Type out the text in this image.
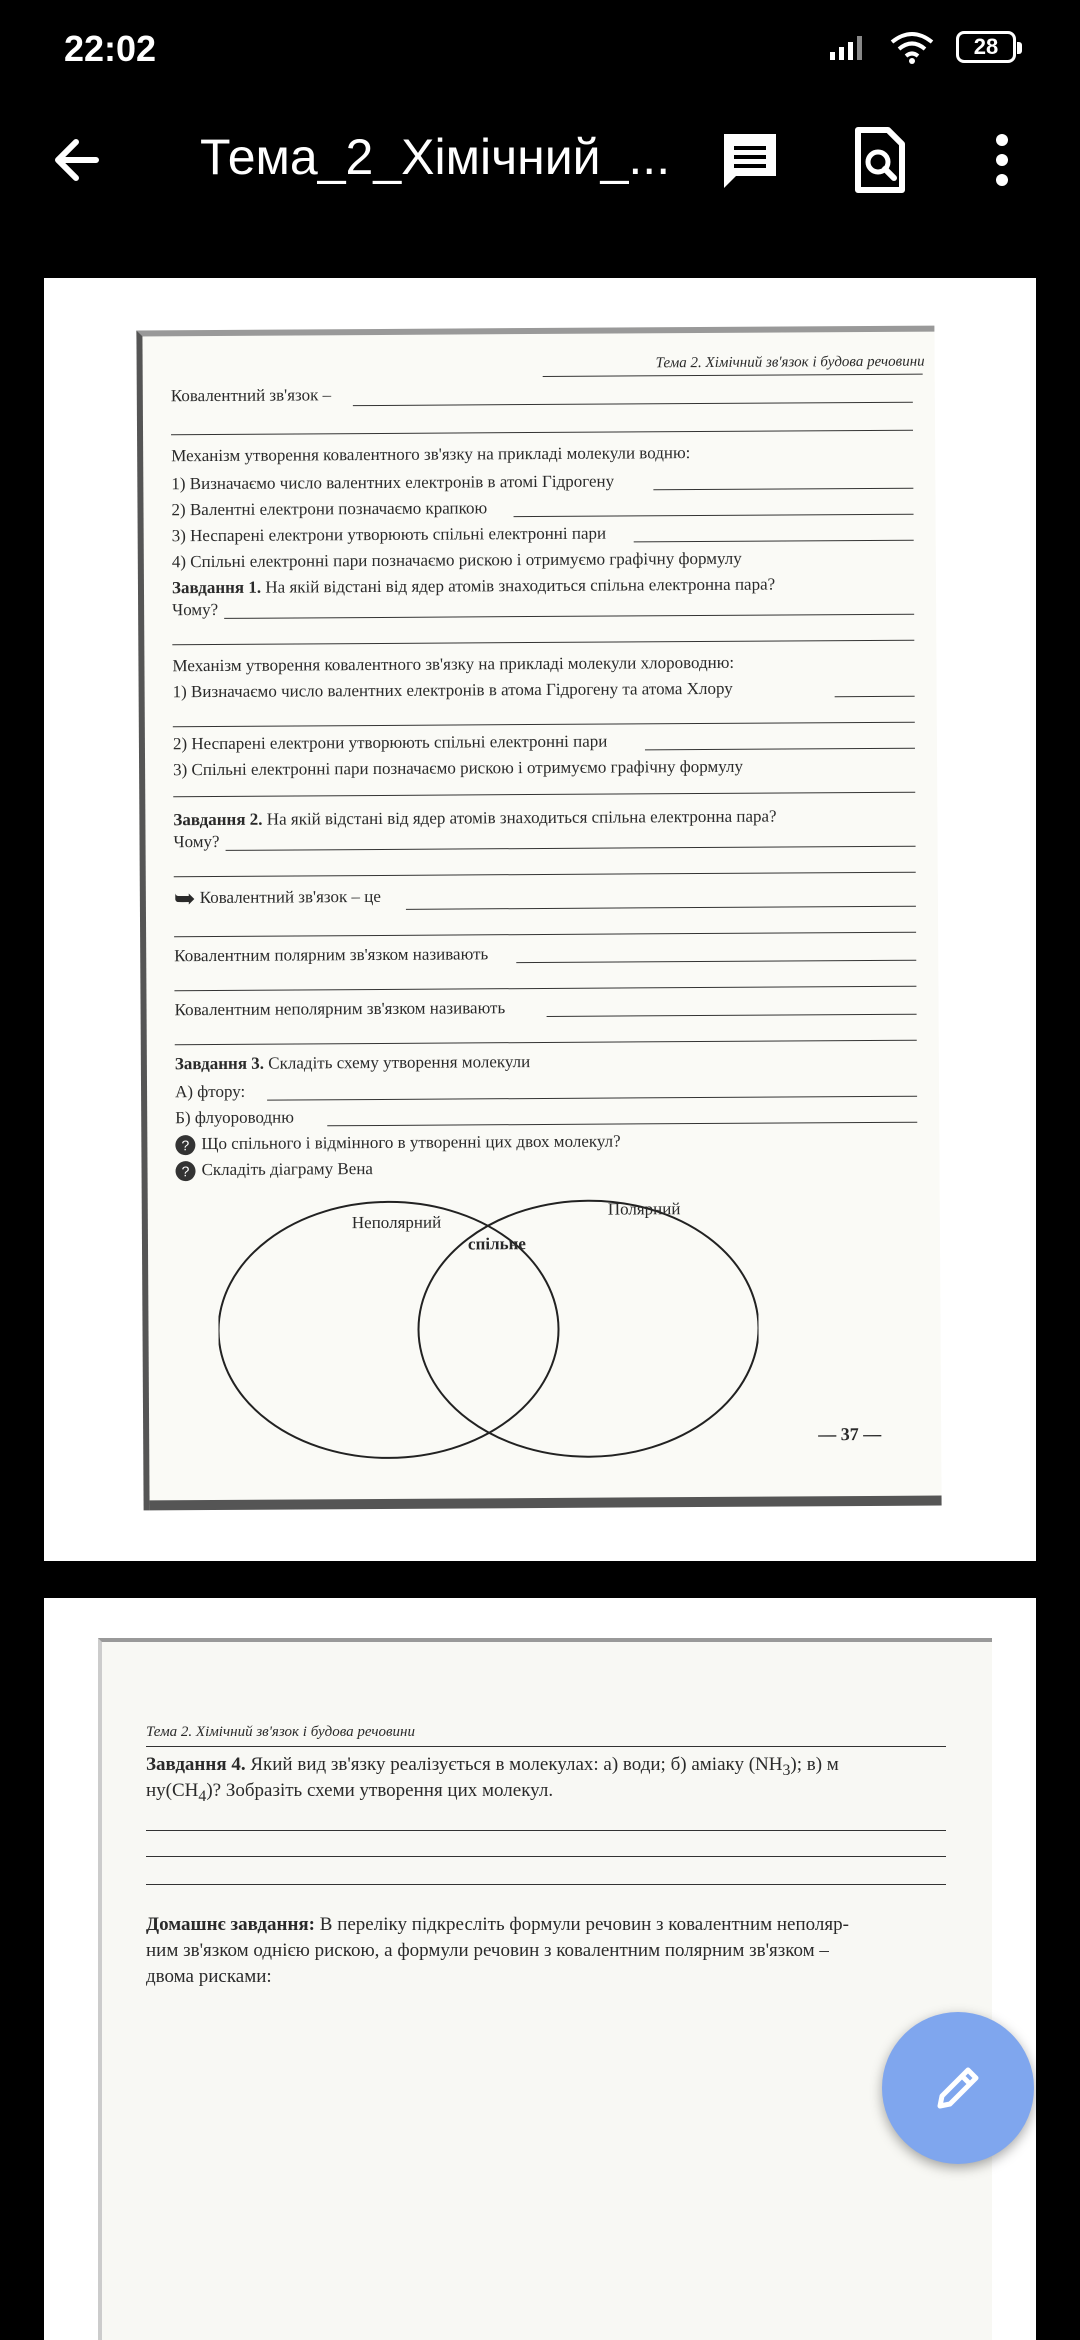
22:02	28
Тема_2_Хімічний_...
Тема 2. Хімічний зв'язок і будова речовини
Ковалентний зв'язок –
Механізм утворення ковалентного зв'язку на прикладі молекули водню:
1) Визначаємо число валентних електронів в атомі Гідрогену
2) Валентні електрони позначаємо крапкою
3) Неспарені електрони утворюють спільні електронні пари
4) Спільні електронні пари позначаємо рискою і отримуємо графічну формулу
Завдання 1. На якій відстані від ядер атомів знаходиться спільна електронна пара?
Чому?
Механізм утворення ковалентного зв'язку на прикладі молекули хлороводню:
1) Визначаємо число валентних електронів в атома Гідрогену та атома Хлору
2) Неспарені електрони утворюють спільні електронні пари
3) Спільні електронні пари позначаємо рискою і отримуємо графічну формулу
Завдання 2. На якій відстані від ядер атомів знаходиться спільна електронна пара?
Чому?
➥ Ковалентний зв'язок – це
Ковалентним полярним зв'язком називають
Ковалентним неполярним зв'язком називають
Завдання 3. Складіть схему утворення молекули
А) фтору:
Б) флуороводню
? Що спільного і відмінного в утворенні цих двох молекул?
? Складіть діаграму Вена
Неполярний
Полярний
спільне
— 37 —
Тема 2. Хімічний зв'язок і будова речовини
Завдання 4. Який вид зв'язку реалізується в молекулах: а) води; б) аміаку $(NH_3)$; в) м
$ну(CH_4)$? Зобразіть схеми утворення цих молекул.
Домашнє завдання: В переліку підкресліть формули речовин з ковалентним неполяр-
ним зв'язком однією рискою, а формули речовин з ковалентним полярним зв'язком –
двома рисками:
